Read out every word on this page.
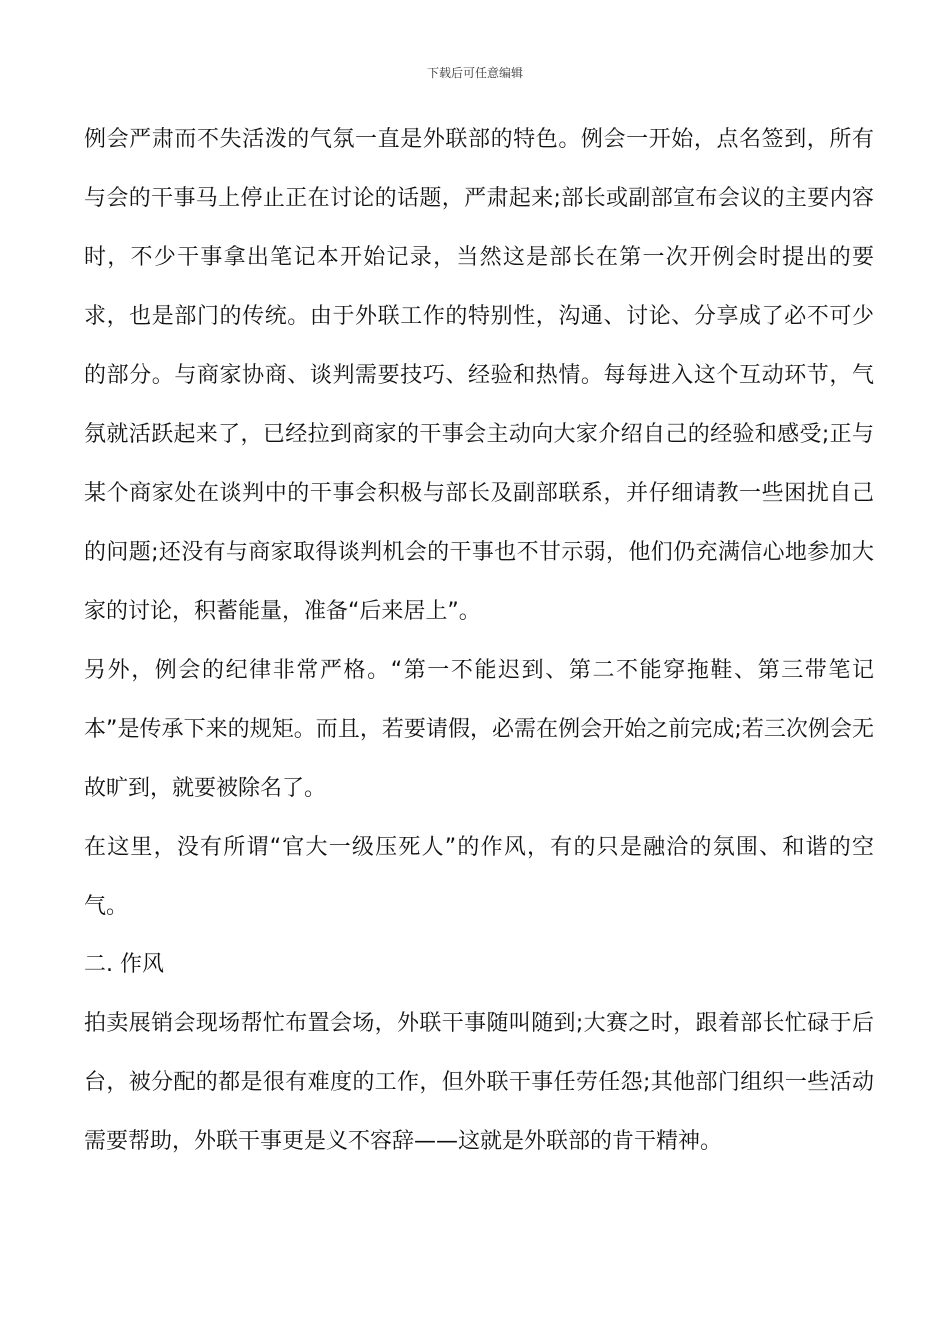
下载后可任意编辑

例会严肃而不失活泼的气氛一直是外联部的特色。例会一开始，点名签到，所有与会的干事马上停止正在讨论的话题，严肃起来;部长或副部宣布会议的主要内容时，不少干事拿出笔记本开始记录，当然这是部长在第一次开例会时提出的要求，也是部门的传统。由于外联工作的特别性，沟通、讨论、分享成了必不可少的部分。与商家协商、谈判需要技巧、经验和热情。每每进入这个互动环节，气氛就活跃起来了，已经拉到商家的干事会主动向大家介绍自己的经验和感受;正与某个商家处在谈判中的干事会积极与部长及副部联系，并仔细请教一些困扰自己的问题;还没有与商家取得谈判机会的干事也不甘示弱，他们仍充满信心地参加大家的讨论，积蓄能量，准备“后来居上”。

另外，例会的纪律非常严格。“第一不能迟到、第二不能穿拖鞋、第三带笔记本”是传承下来的规矩。而且，若要请假，必需在例会开始之前完成;若三次例会无故旷到，就要被除名了。

在这里，没有所谓“官大一级压死人”的作风，有的只是融洽的氛围、和谐的空气。

二. 作风

拍卖展销会现场帮忙布置会场，外联干事随叫随到;大赛之时，跟着部长忙碌于后台，被分配的都是很有难度的工作，但外联干事任劳任怨;其他部门组织一些活动需要帮助，外联干事更是义不容辞——这就是外联部的肯干精神。
